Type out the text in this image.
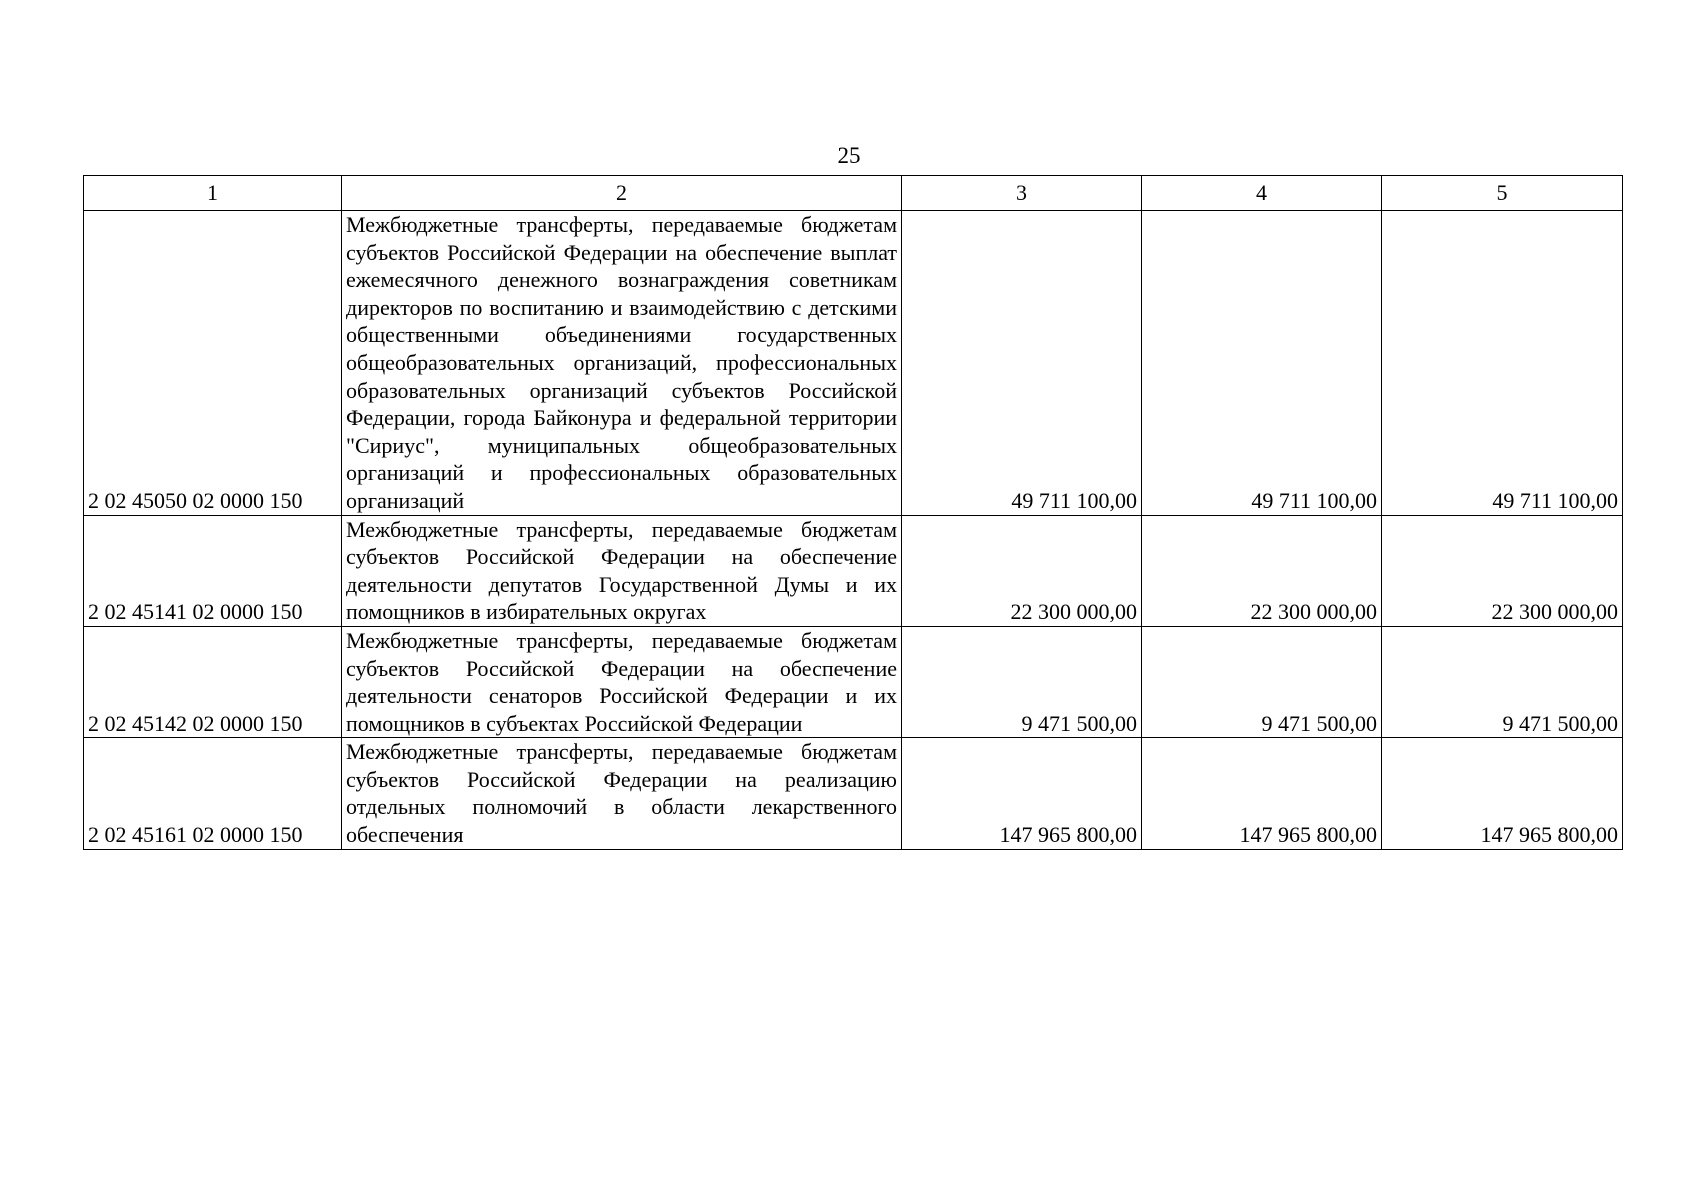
25
1	2	3	4	5
2 02 45050 02 0000 150	Межбюджетные трансферты, передаваемые бюджетам субъектов Российской Федерации на обеспечение выплат ежемесячного денежного вознаграждения советникам директоров по воспитанию и взаимодействию с детскими общественными объединениями государственных общеобразовательных организаций, профессиональных образовательных организаций субъектов Российской Федерации, города Байконура и федеральной территории "Сириус", муниципальных общеобразовательных организаций и профессиональных образовательных организаций	49 711 100,00	49 711 100,00	49 711 100,00
2 02 45141 02 0000 150	Межбюджетные трансферты, передаваемые бюджетам субъектов Российской Федерации на обеспечение деятельности депутатов Государственной Думы и их помощников в избирательных округах	22 300 000,00	22 300 000,00	22 300 000,00
2 02 45142 02 0000 150	Межбюджетные трансферты, передаваемые бюджетам субъектов Российской Федерации на обеспечение деятельности сенаторов Российской Федерации и их помощников в субъектах Российской Федерации	9 471 500,00	9 471 500,00	9 471 500,00
2 02 45161 02 0000 150	Межбюджетные трансферты, передаваемые бюджетам субъектов Российской Федерации на реализацию отдельных полномочий в области лекарственного обеспечения	147 965 800,00	147 965 800,00	147 965 800,00
